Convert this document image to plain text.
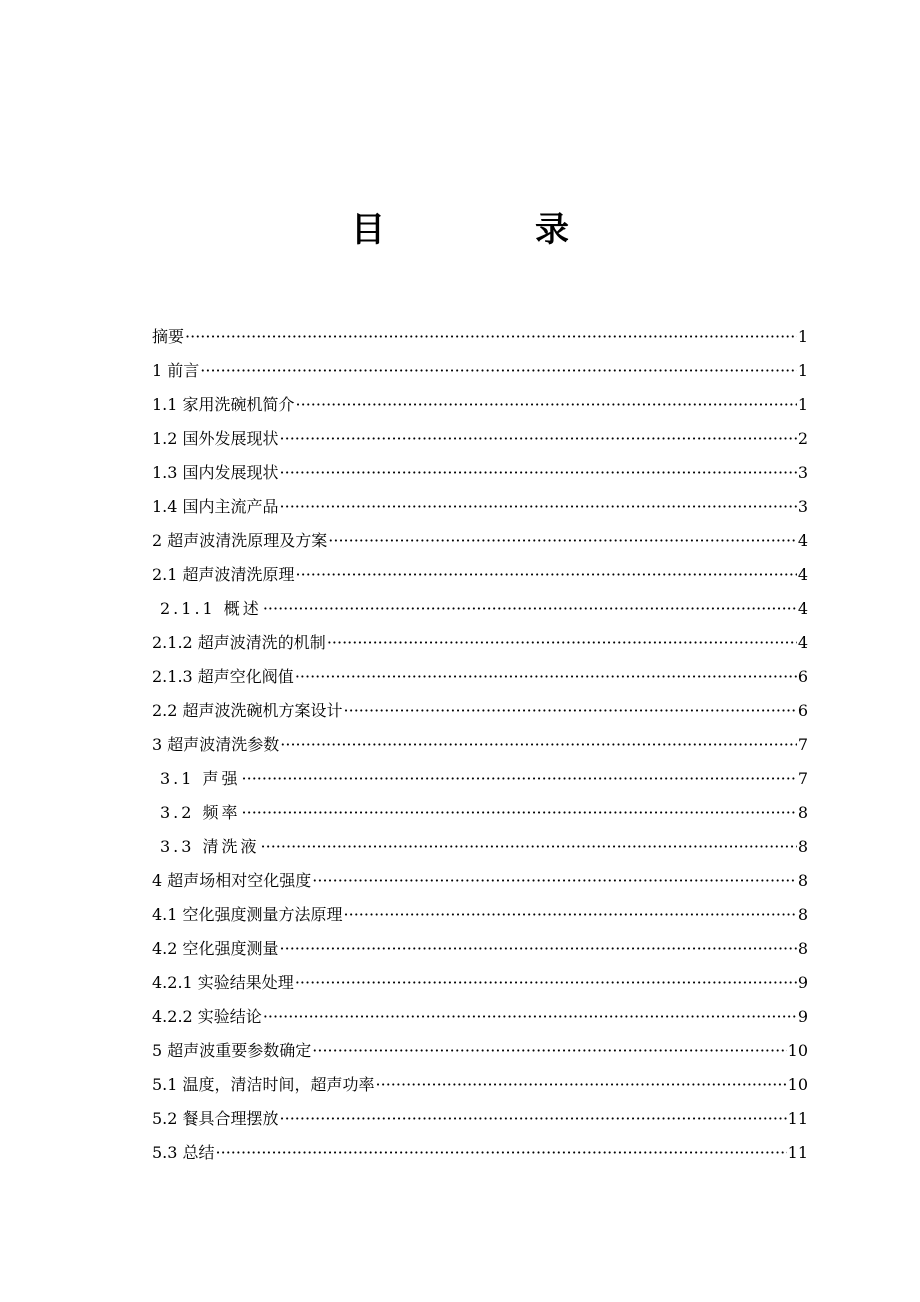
目　录
摘要 ·····	1
1 前言 ·····	1
1.1 家用洗碗机简介 ·····	1
1.2 国外发展现状 ·····	2
1.3 国内发展现状 ·····	3
1.4 国内主流产品 ·····	3
2 超声波清洗原理及方案 ·····	4
2.1 超声波清洗原理 ·····	4
2.1.1 概述 ·····	4
2.1.2 超声波清洗的机制 ·····	4
2.1.3 超声空化阀值 ·····	6
2.2 超声波洗碗机方案设计 ·····	6
3 超声波清洗参数 ·····	7
3.1 声强 ·····	7
3.2 频率 ·····	8
3.3 清洗液 ·····	8
4 超声场相对空化强度 ·····	8
4.1 空化强度测量方法原理 ·····	8
4.2 空化强度测量 ·····	8
4.2.1 实验结果处理 ·····	9
4.2.2 实验结论 ·····	9
5 超声波重要参数确定 ·····	10
5.1 温度，清洁时间，超声功率 ·····	10
5.2 餐具合理摆放 ·····	11
5.3 总结 ·····	11
